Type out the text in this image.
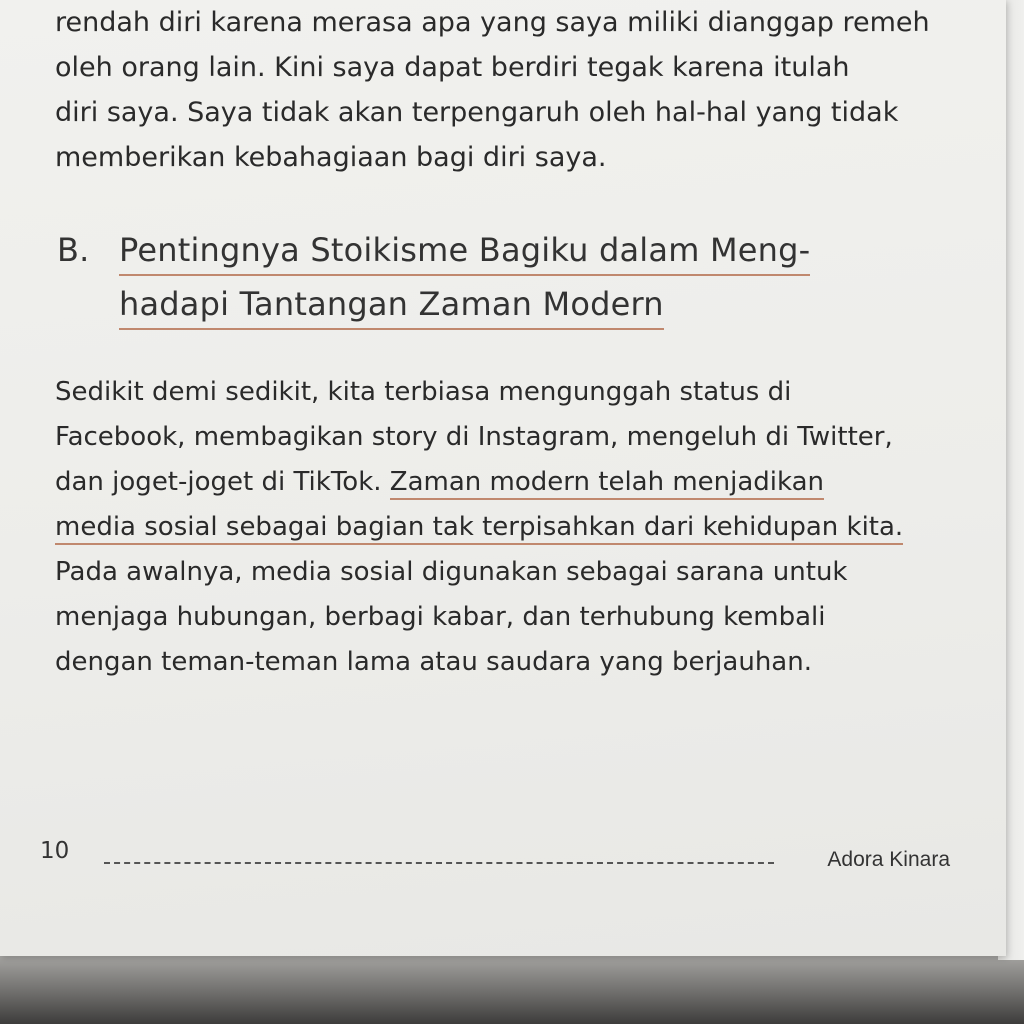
rendah diri karena merasa apa yang saya miliki dianggap remeh
oleh orang lain. Kini saya dapat berdiri tegak karena itulah
diri saya. Saya tidak akan terpengaruh oleh hal-hal yang tidak
memberikan kebahagiaan bagi diri saya.
B. Pentingnya Stoikisme Bagiku dalam Meng-
hadapi Tantangan Zaman Modern
Sedikit demi sedikit, kita terbiasa mengunggah status di
Facebook, membagikan story di Instagram, mengeluh di Twitter,
dan joget-joget di TikTok. Zaman modern telah menjadikan
media sosial sebagai bagian tak terpisahkan dari kehidupan kita.
Pada awalnya, media sosial digunakan sebagai sarana untuk
menjaga hubungan, berbagi kabar, dan terhubung kembali
dengan teman-teman lama atau saudara yang berjauhan.
10	Adora Kinara
